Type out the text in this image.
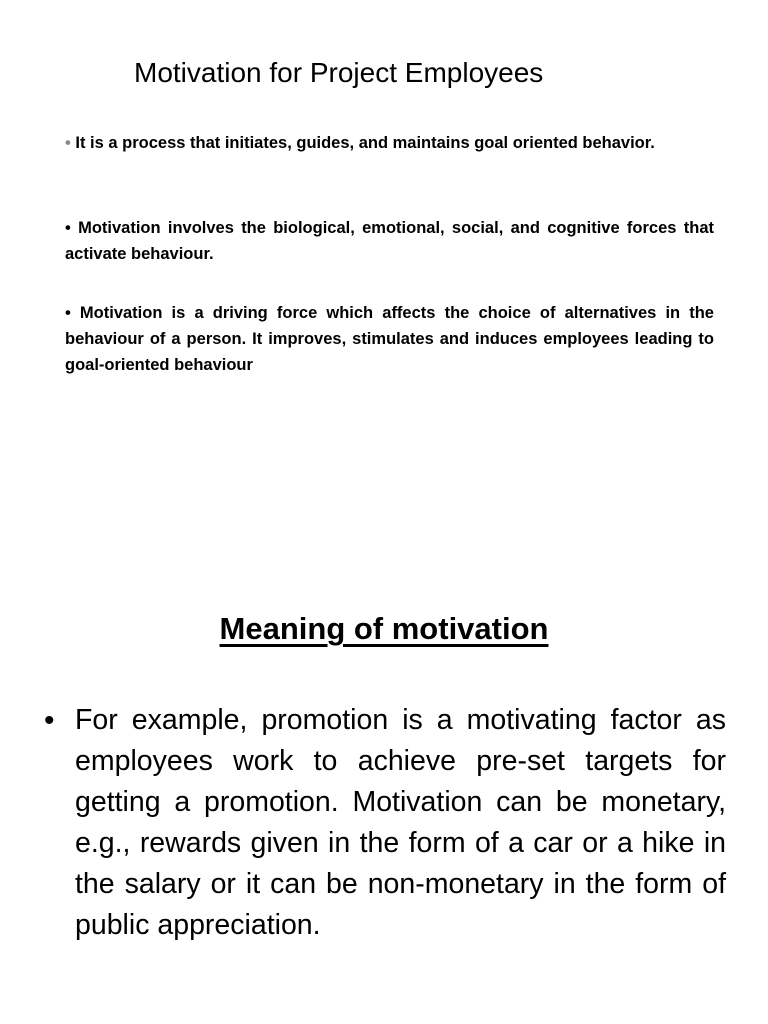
Motivation for Project Employees
• It is a process that initiates, guides, and maintains goal oriented behavior.
• Motivation involves the biological, emotional, social, and cognitive forces that activate behaviour.
• Motivation is a driving force which affects the choice of alternatives in the behaviour of a person. It improves, stimulates and induces employees leading to goal-oriented behaviour
Meaning of motivation
• For example, promotion is a motivating factor as employees work to achieve pre-set targets for getting a promotion. Motivation can be monetary, e.g., rewards given in the form of a car or a hike in the salary or it can be non-monetary in the form of public appreciation.
